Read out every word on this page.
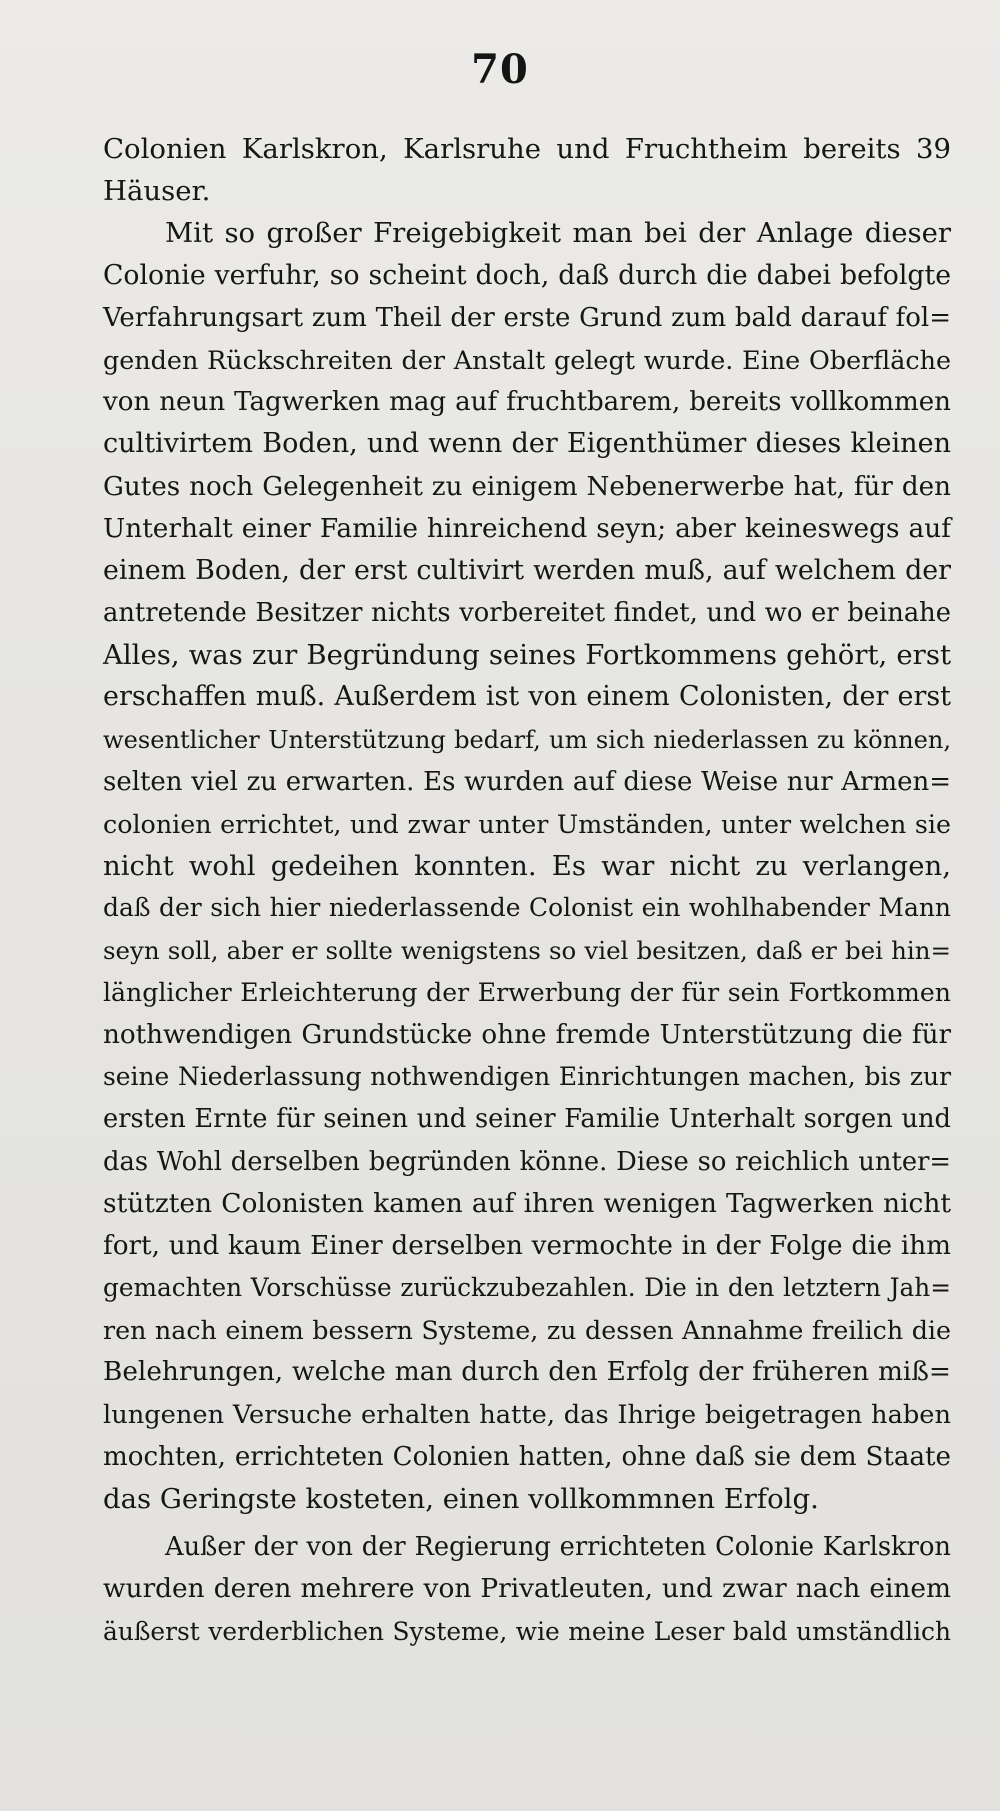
70
Colonien Karlskron, Karlsruhe und Fruchtheim bereits 39
Häuser.
Mit so großer Freigebigkeit man bei der Anlage dieser
Colonie verfuhr, so scheint doch, daß durch die dabei befolgte
Verfahrungsart zum Theil der erste Grund zum bald darauf fol=
genden Rückschreiten der Anstalt gelegt wurde. Eine Oberfläche
von neun Tagwerken mag auf fruchtbarem, bereits vollkommen
cultivirtem Boden, und wenn der Eigenthümer dieses kleinen
Gutes noch Gelegenheit zu einigem Nebenerwerbe hat, für den
Unterhalt einer Familie hinreichend seyn; aber keineswegs auf
einem Boden, der erst cultivirt werden muß, auf welchem der
antretende Besitzer nichts vorbereitet findet, und wo er beinahe
Alles, was zur Begründung seines Fortkommens gehört, erst
erschaffen muß. Außerdem ist von einem Colonisten, der erst
wesentlicher Unterstützung bedarf, um sich niederlassen zu können,
selten viel zu erwarten. Es wurden auf diese Weise nur Armen=
colonien errichtet, und zwar unter Umständen, unter welchen sie
nicht wohl gedeihen konnten. Es war nicht zu verlangen,
daß der sich hier niederlassende Colonist ein wohlhabender Mann
seyn soll, aber er sollte wenigstens so viel besitzen, daß er bei hin=
länglicher Erleichterung der Erwerbung der für sein Fortkommen
nothwendigen Grundstücke ohne fremde Unterstützung die für
seine Niederlassung nothwendigen Einrichtungen machen, bis zur
ersten Ernte für seinen und seiner Familie Unterhalt sorgen und
das Wohl derselben begründen könne. Diese so reichlich unter=
stützten Colonisten kamen auf ihren wenigen Tagwerken nicht
fort, und kaum Einer derselben vermochte in der Folge die ihm
gemachten Vorschüsse zurückzubezahlen. Die in den letztern Jah=
ren nach einem bessern Systeme, zu dessen Annahme freilich die
Belehrungen, welche man durch den Erfolg der früheren miß=
lungenen Versuche erhalten hatte, das Ihrige beigetragen haben
mochten, errichteten Colonien hatten, ohne daß sie dem Staate
das Geringste kosteten, einen vollkommnen Erfolg.
Außer der von der Regierung errichteten Colonie Karlskron
wurden deren mehrere von Privatleuten, und zwar nach einem
äußerst verderblichen Systeme, wie meine Leser bald umständlich
